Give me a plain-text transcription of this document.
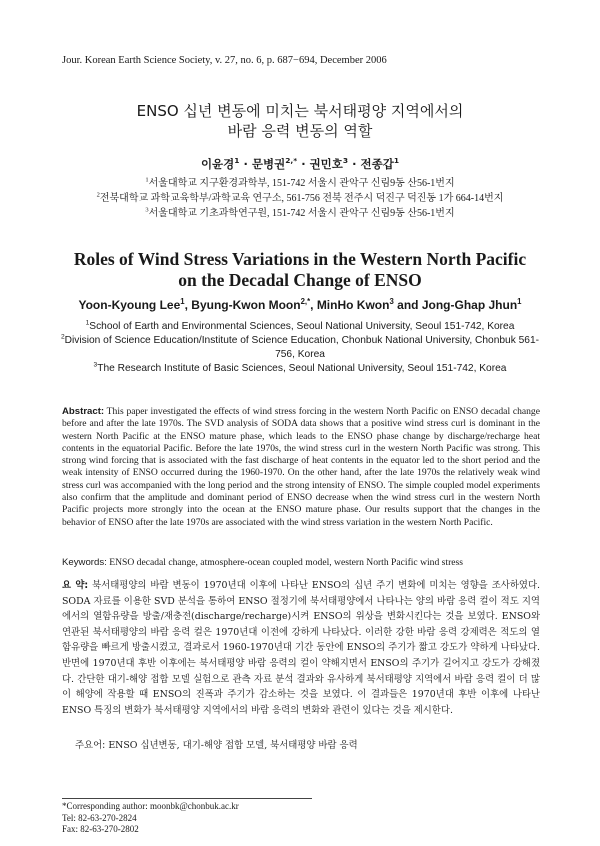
Jour. Korean Earth Science Society, v. 27, no. 6, p. 687−694, December 2006
ENSO 십년 변동에 미치는 북서태평양 지역에서의
바람 응력 변동의 역할
이윤경$^1$ · 문병권$^{2,*}$ · 권민호$^3$ · 전종갑$^1$
$^1$서울대학교 지구환경과학부, 151-742 서울시 관악구 신림9동 산56-1번지
$^2$전북대학교 과학교육학부/과학교육 연구소, 561-756 전북 전주시 덕진구 덕진동 1가 664-14번지
$^3$서울대학교 기초과학연구원, 151-742 서울시 관악구 신림9동 산56-1번지
Roles of Wind Stress Variations in the Western North Pacific
on the Decadal Change of ENSO
Yoon-Kyoung Lee$^1$, Byung-Kwon Moon$^{2,*}$, MinHo Kwon$^3$ and Jong-Ghap Jhun$^1$
$^1$School of Earth and Environmental Sciences, Seoul National University, Seoul 151-742, Korea
$^2$Division of Science Education/Institute of Science Education, Chonbuk National University, Chonbuk 561-756, Korea
$^3$The Research Institute of Basic Sciences, Seoul National University, Seoul 151-742, Korea
Abstract: This paper investigated the effects of wind stress forcing in the western North Pacific on ENSO decadal change before and after the late 1970s. The SVD analysis of SODA data shows that a positive wind stress curl is dominant in the western North Pacific at the ENSO mature phase, which leads to the ENSO phase change by discharge/recharge heat contents in the equatorial Pacific. Before the late 1970s, the wind stress curl in the western North Pacific was strong. This strong wind forcing that is associated with the fast discharge of heat contents in the equator led to the short period and the weak intensity of ENSO occurred during the 1960-1970. On the other hand, after the late 1970s the relatively weak wind stress curl was accompanied with the long period and the strong intensity of ENSO. The simple coupled model experiments also confirm that the amplitude and dominant period of ENSO decrease when the wind stress curl in the western North Pacific projects more strongly into the ocean at the ENSO mature phase. Our results support that the changes in the behavior of ENSO after the late 1970s are associated with the wind stress variation in the western North Pacific.
Keywords: ENSO decadal change, atmosphere-ocean coupled model, western North Pacific wind stress
요 약: 북서태평양의 바람 변동이 1970년대 이후에 나타난 ENSO의 십년 주기 변화에 미치는 영향을 조사하였다. SODA 자료를 이용한 SVD 분석을 통하여 ENSO 절정기에 북서태평양에서 나타나는 양의 바람 응력 컬이 적도 지역에서의 열함유량을 방출/재충전(discharge/recharge)시켜 ENSO의 위상을 변화시킨다는 것을 보였다. ENSO와 연관된 북서태평양의 바람 응력 컬은 1970년대 이전에 강하게 나타났다. 이러한 강한 바람 응력 강제력은 적도의 열함유량을 빠르게 방출시켰고, 결과로서 1960-1970년대 기간 동안에 ENSO의 주기가 짧고 강도가 약하게 나타났다. 반면에 1970년대 후반 이후에는 북서태평양 바람 응력의 컬이 약해지면서 ENSO의 주기가 길어지고 강도가 강해졌다. 간단한 대기-해양 접합 모델 실험으로 관측 자료 분석 결과와 유사하게 북서태평양 지역에서 바람 응력 컬이 더 많이 해양에 작용할 때 ENSO의 진폭과 주기가 감소하는 것을 보였다. 이 결과들은 1970년대 후반 이후에 나타난 ENSO 특징의 변화가 북서태평양 지역에서의 바람 응력의 변화와 관련이 있다는 것을 제시한다.
주요어: ENSO 십년변동, 대기-해양 접합 모델, 북서태평양 바람 응력
*Corresponding author: moonbk@chonbuk.ac.kr
Tel: 82-63-270-2824
Fax: 82-63-270-2802
